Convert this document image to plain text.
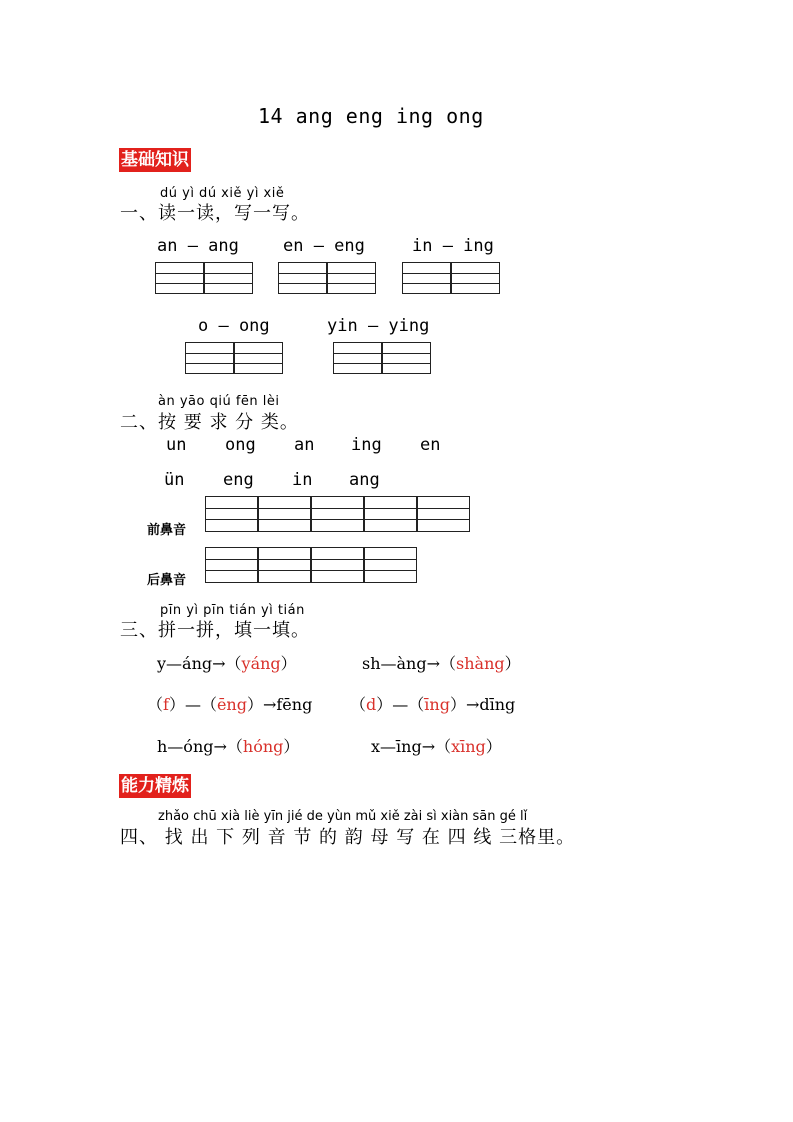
14 ang eng ing ong
基础知识
dú yì dú xiě yì xiě
一、读一读，写一写。
an – ang	en – eng	in – ing
o – ong	yin – ying
àn yāo qiú fēn lèi
二、按 要 求 分 类。
un ong an ing en
ün eng in ang
前鼻音
后鼻音
pīn yì pīn tián yì tián
三、拼一拼，填一填。
y—áng→（yáng）	sh—àng→（shàng）
（f）—（ēng）→fēng （d）—（īng）→dīng
h—óng→（hóng）	x—īng→（xīng）
能力精炼
zhǎo chū xià liè yīn jié de yùn mǔ xiě zài sì xiàn sān gé lǐ
四、 找 出 下 列 音 节 的 韵 母 写 在 四 线 三格里。
